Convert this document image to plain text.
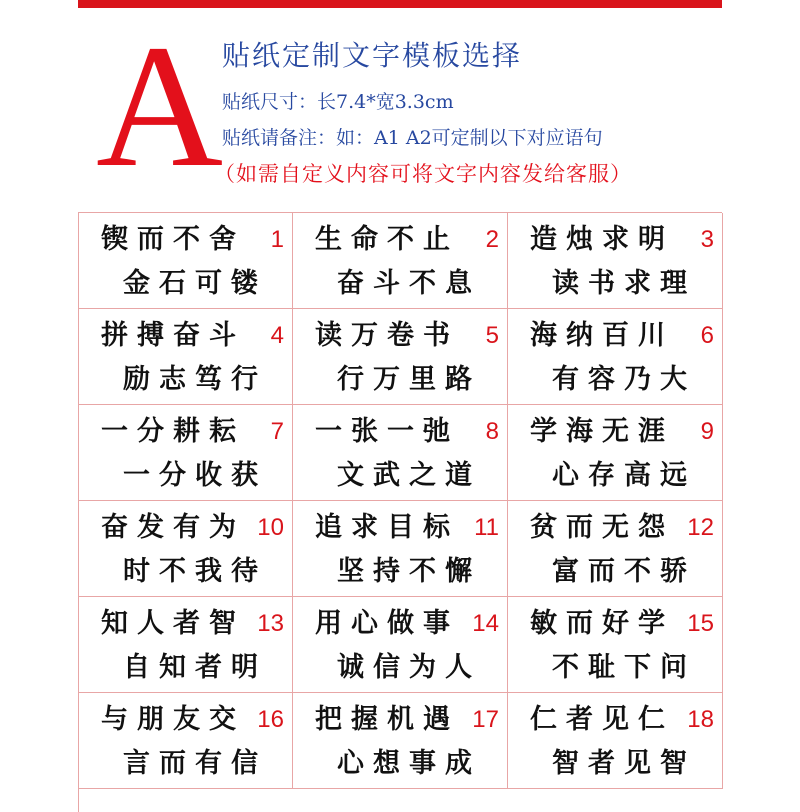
A
贴纸定制文字模板选择
贴纸尺寸：长7.4*宽3.3cm
贴纸请备注：如：A1 A2可定制以下对应语句
（如需自定义内容可将文字内容发给客服）
锲而不舍 1
金石可镂
生命不止 2
奋斗不息
造烛求明 3
读书求理
拼搏奋斗 4
励志笃行
读万卷书 5
行万里路
海纳百川 6
有容乃大
一分耕耘 7
一分收获
一张一弛 8
文武之道
学海无涯 9
心存高远
奋发有为 10
时不我待
追求目标 11
坚持不懈
贫而无怨 12
富而不骄
知人者智 13
自知者明
用心做事 14
诚信为人
敏而好学 15
不耻下问
与朋友交 16
言而有信
把握机遇 17
心想事成
仁者见仁 18
智者见智
